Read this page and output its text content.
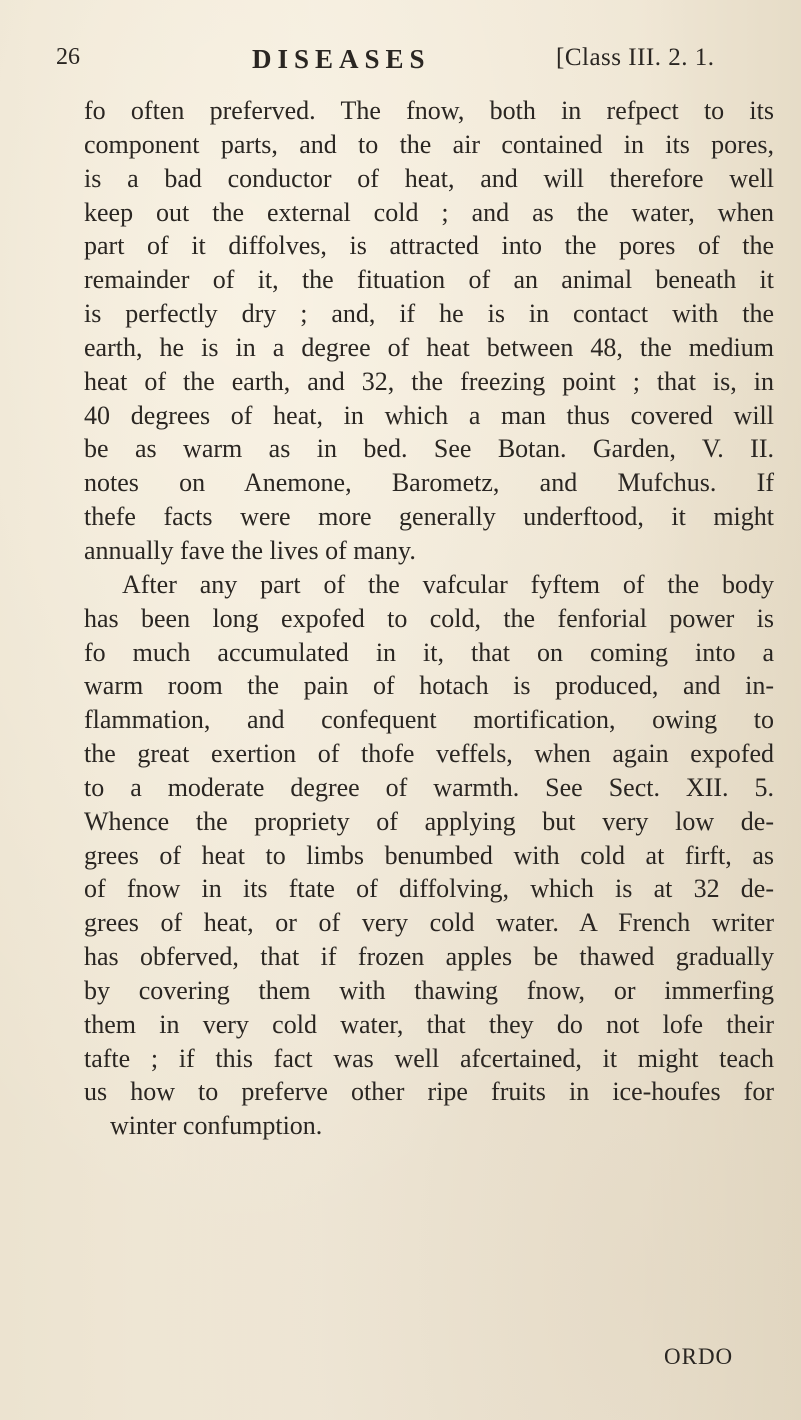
26	DISEASES	[Class III. 2. 1.
fo often preferved. The fnow, both in refpect to its
component parts, and to the air contained in its pores,
is a bad conductor of heat, and will therefore well
keep out the external cold ; and as the water, when
part of it diffolves, is attracted into the pores of the
remainder of it, the fituation of an animal beneath it
is perfectly dry ; and, if he is in contact with the
earth, he is in a degree of heat between 48, the medium
heat of the earth, and 32, the freezing point ; that is, in
40 degrees of heat, in which a man thus covered will
be as warm as in bed. See Botan. Garden, V. II.
notes on Anemone, Barometz, and Mufchus. If
thefe facts were more generally underftood, it might
annually fave the lives of many.
After any part of the vafcular fyftem of the body
has been long expofed to cold, the fenforial power is
fo much accumulated in it, that on coming into a
warm room the pain of hotach is produced, and in-
flammation, and confequent mortification, owing to
the great exertion of thofe veffels, when again expofed
to a moderate degree of warmth. See Sect. XII. 5.
Whence the propriety of applying but very low de-
grees of heat to limbs benumbed with cold at firft, as
of fnow in its ftate of diffolving, which is at 32 de-
grees of heat, or of very cold water. A French writer
has obferved, that if frozen apples be thawed gradually
by covering them with thawing fnow, or immerfing
them in very cold water, that they do not lofe their
tafte ; if this fact was well afcertained, it might teach
us how to preferve other ripe fruits in ice-houfes for
winter confumption.
ORDO
